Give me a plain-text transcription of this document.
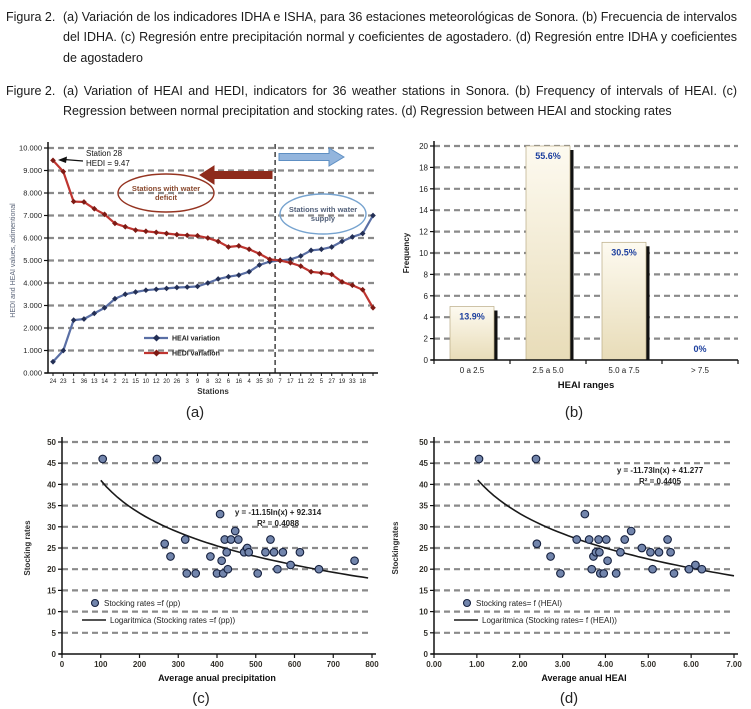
Figura 2. (a) Variación de los indicadores IDHA e ISHA, para 36 estaciones meteorológicas de Sonora. (b) Frecuencia de intervalos del IDHA. (c) Regresión entre precipitación normal y coeficientes de agostadero. (d) Regresión entre IDHA y coeficientes de agostadero
Figure 2. (a) Variation of HEAI and HEDI, indicators for 36 weather stations in Sonora. (b) Frequency of intervals of HEAI. (c) Regression between normal precipitation and stocking rates. (d) Regression between HEAI and stocking rates
Stations with water
deficit
Stations with water
supply
0.000
1.000
2.000
3.000
4.000
5.000
6.000
7.000
8.000
9.000
10.000
24 23 1 36 13 14 2 21 15 10 12 20 26 3 9 8 32 6 16 4 35 30 7 17 11 22 5 27 19 33 18
Stations
HEDI and HEAI values, adimentional
Station 28
HEDI = 9.47
HEAI variation
HEDI variation
(a)
13.9%
55.6%
30.5%
0%
0
2
4
6
8
10
12
14
16
18
20
0 a 2.5	2.5 a 5.0	5.0 a 7.5	> 7.5
HEAI ranges
Frequency
(b)
0
5
10
15
20
25
30
35
40
45
50
0	100	200	300	400	500	600	700	800
Average anual precipitation
Stocking rates
y = -11.15ln(x) + 92.314
R² = 0.4088
Stocking rates =f (pp)
Logaritmica (Stocking rates =f (pp))
(c)
0
5
10
15
20
25
30
35
40
45
50
0.00	1.00	2.00	3.00	4.00	5.00	6.00	7.00
Average anual HEAI
Stockingrates
y = -11.73ln(x) + 41.277
R² = 0.4405
Stocking rates= f (HEAI)
Logaritmica (Stocking rates= f (HEAI))
(d)
